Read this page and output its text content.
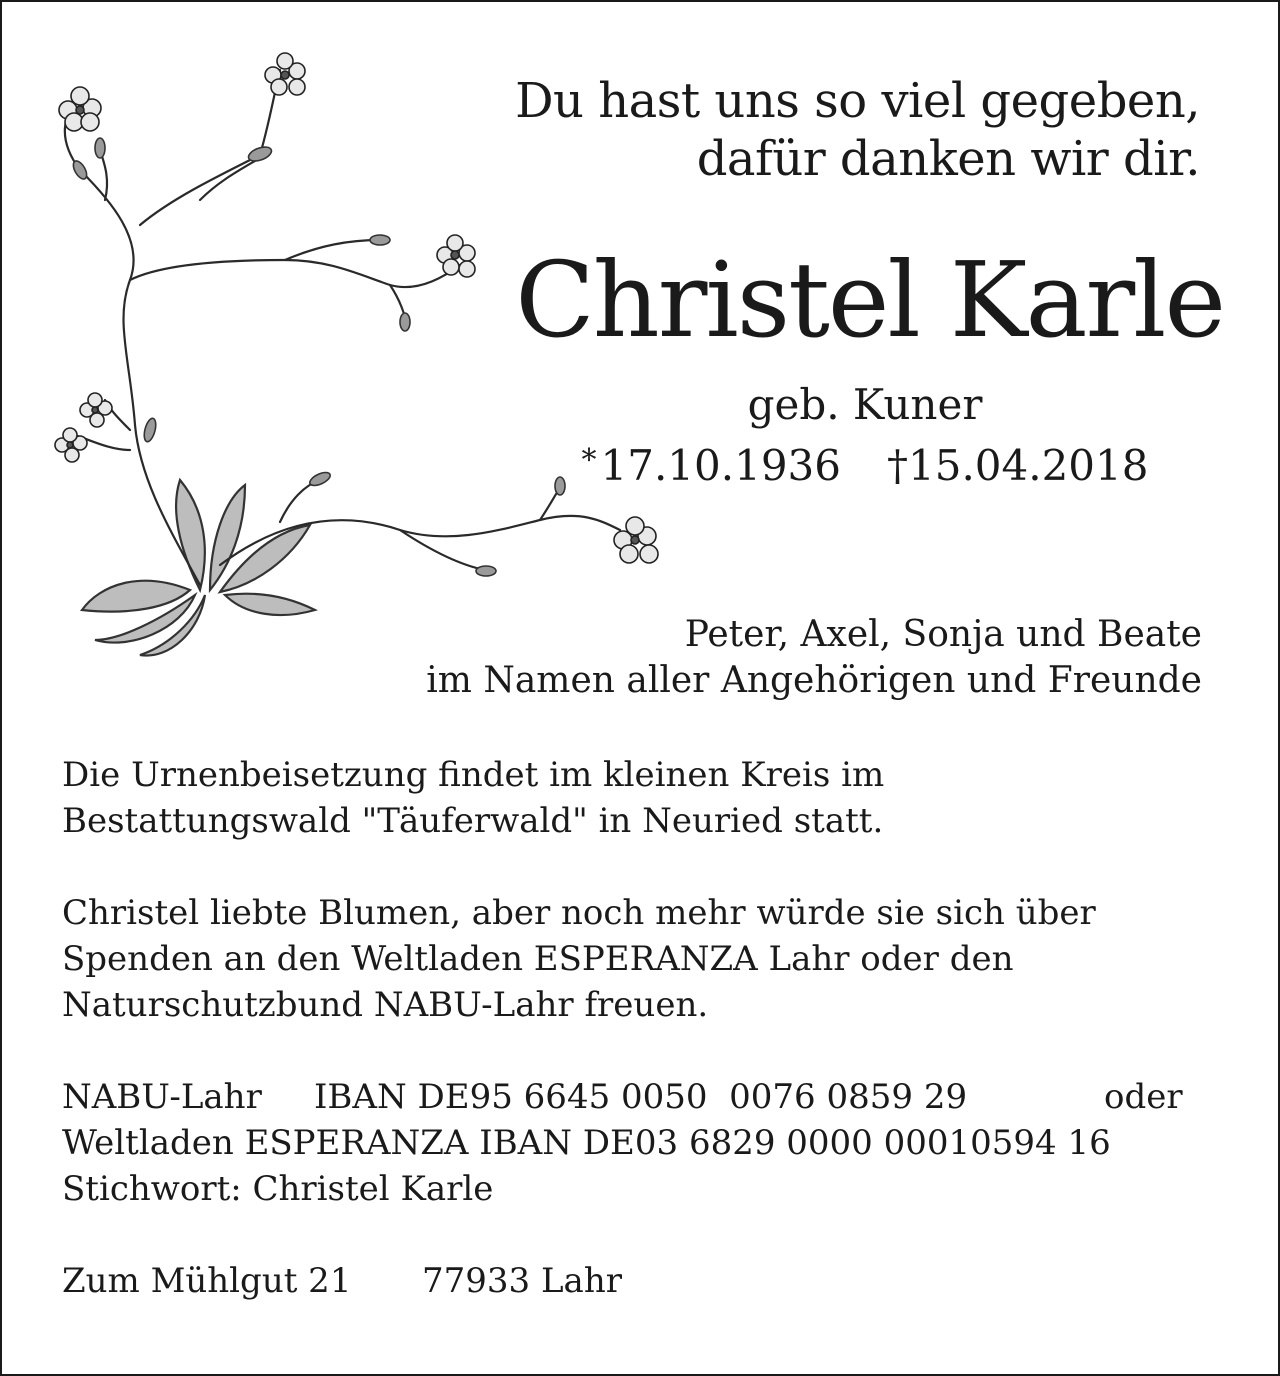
Du hast uns so viel gegeben,
dafür danken wir dir.
Christel Karle
geb. Kuner
*17.10.1936 †15.04.2018
Peter, Axel, Sonja und Beate
im Namen aller Angehörigen und Freunde

Die Urnenbeisetzung findet im kleinen Kreis im
Bestattungswald "Täuferwald" in Neuried statt.

Christel liebte Blumen, aber noch mehr würde sie sich über
Spenden an den Weltladen ESPERANZA Lahr oder den
Naturschutzbund NABU-Lahr freuen.

NABU-Lahr IBAN DE95 6645 0050  0076 0859 29	oder
Weltladen ESPERANZA IBAN DE03 6829 0000 00010594 16
Stichwort: Christel Karle

Zum Mühlgut 21 77933 Lahr
